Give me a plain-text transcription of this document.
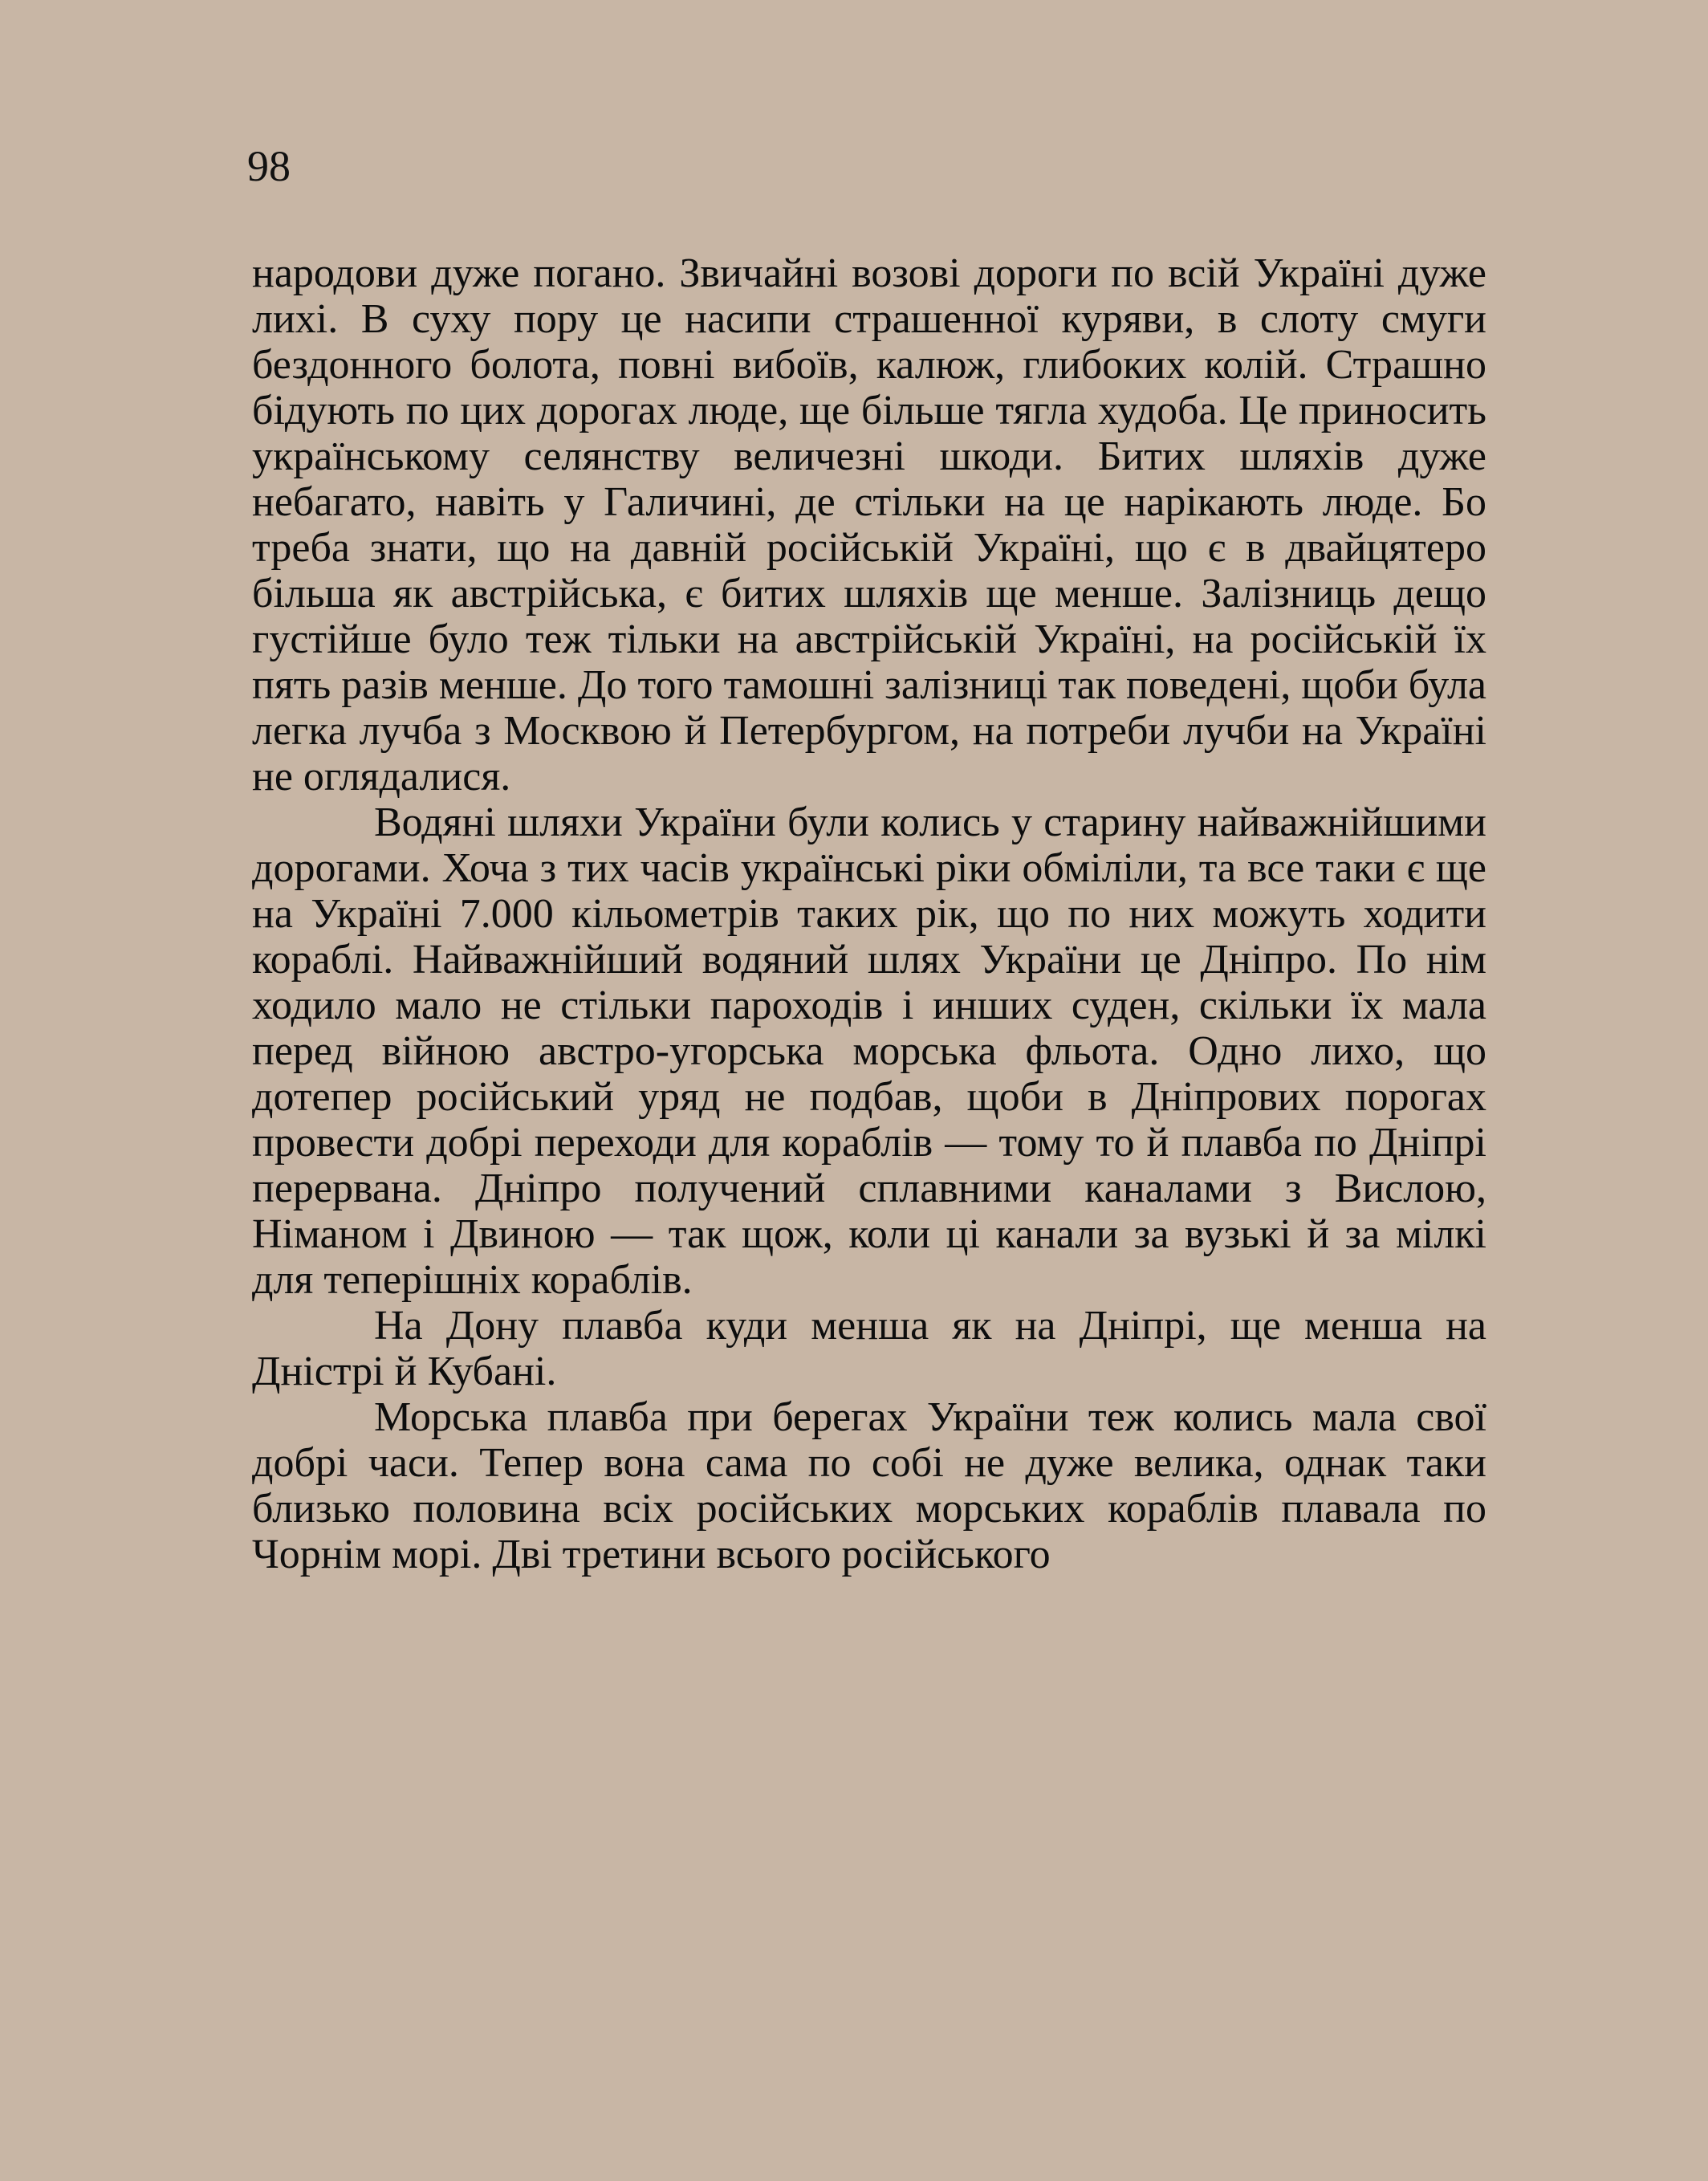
98

народови дуже погано. Звичайні возові дороги по всій Україні дуже лихі. В суху пору це насипи страшенної куряви, в слоту смуги бездонного болота, повні вибоїв, калюж, глибоких колій. Страшно бідують по цих дорогах люде, ще більше тягла худоба. Це приносить українському селянству величезні шкоди. Битих шляхів дуже небагато, навіть у Галичині, де стільки на це нарікають люде. Бо треба знати, що на давній російській Україні, що є в двайцятеро більша як австрійська, є битих шляхів ще менше. Залізниць дещо густійше було теж тільки на австрійській Україні, на російській їх пять разів менше. До того тамошні залізниці так поведені, щоби була легка лучба з Москвою й Петербургом, на потреби лучби на Україні не оглядалися.

Водяні шляхи України були колись у старину найважнійшими дорогами. Хоча з тих часів українські ріки обміліли, та все таки є ще на Україні 7.000 кільометрів таких рік, що по них можуть ходити кораблі. Найважнійший водяний шлях України це Дніпро. По нім ходило мало не стільки пароходів і инших суден, скільки їх мала перед війною австро-угорська морська фльота. Одно лихо, що дотепер російський уряд не подбав, щоби в Дніпрових порогах провести добрі переходи для кораблів — тому то й плавба по Дніпрі перервана. Дніпро получений сплавними каналами з Вислою, Німаном і Двиною — так щож, коли ці канали за вузькі й за мілкі для теперішніх кораблів.

На Дону плавба куди менша як на Дніпрі, ще менша на Дністрі й Кубані.

Морська плавба при берегах України теж колись мала свої добрі часи. Тепер вона сама по собі не дуже велика, однак таки близько половина всіх російських морських кораблів плавала по Чорнім морі. Дві третини всього російського
